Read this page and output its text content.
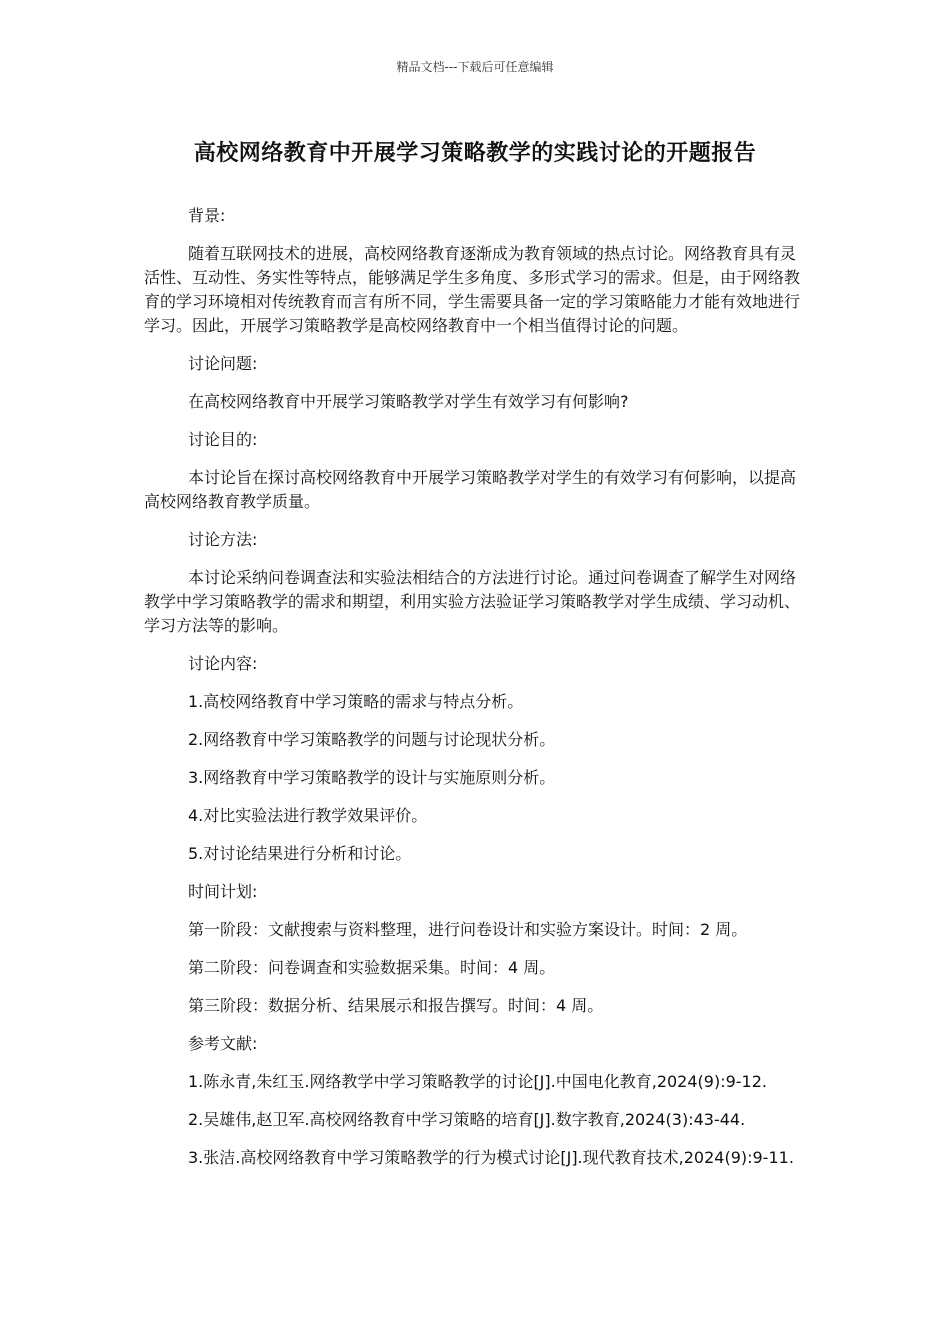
精品文档---下载后可任意编辑
高校网络教育中开展学习策略教学的实践讨论的开题报告

背景:

随着互联网技术的进展，高校网络教育逐渐成为教育领域的热点讨论。网络教育具有灵活性、互动性、务实性等特点，能够满足学生多角度、多形式学习的需求。但是，由于网络教育的学习环境相对传统教育而言有所不同，学生需要具备一定的学习策略能力才能有效地进行学习。因此，开展学习策略教学是高校网络教育中一个相当值得讨论的问题。

讨论问题:

在高校网络教育中开展学习策略教学对学生有效学习有何影响?

讨论目的:

本讨论旨在探讨高校网络教育中开展学习策略教学对学生的有效学习有何影响，以提高高校网络教育教学质量。

讨论方法:

本讨论采纳问卷调查法和实验法相结合的方法进行讨论。通过问卷调查了解学生对网络教学中学习策略教学的需求和期望，利用实验方法验证学习策略教学对学生成绩、学习动机、学习方法等的影响。

讨论内容:

1.高校网络教育中学习策略的需求与特点分析。

2.网络教育中学习策略教学的问题与讨论现状分析。

3.网络教育中学习策略教学的设计与实施原则分析。

4.对比实验法进行教学效果评价。

5.对讨论结果进行分析和讨论。

时间计划:

第一阶段：文献搜索与资料整理，进行问卷设计和实验方案设计。时间：2 周。

第二阶段：问卷调查和实验数据采集。时间：4 周。

第三阶段：数据分析、结果展示和报告撰写。时间：4 周。

参考文献:

1.陈永青,朱红玉.网络教学中学习策略教学的讨论[J].中国电化教育,2024(9):9-12.

2.吴雄伟,赵卫军.高校网络教育中学习策略的培育[J].数字教育,2024(3):43-44.

3.张洁.高校网络教育中学习策略教学的行为模式讨论[J].现代教育技术,2024(9):9-11.
